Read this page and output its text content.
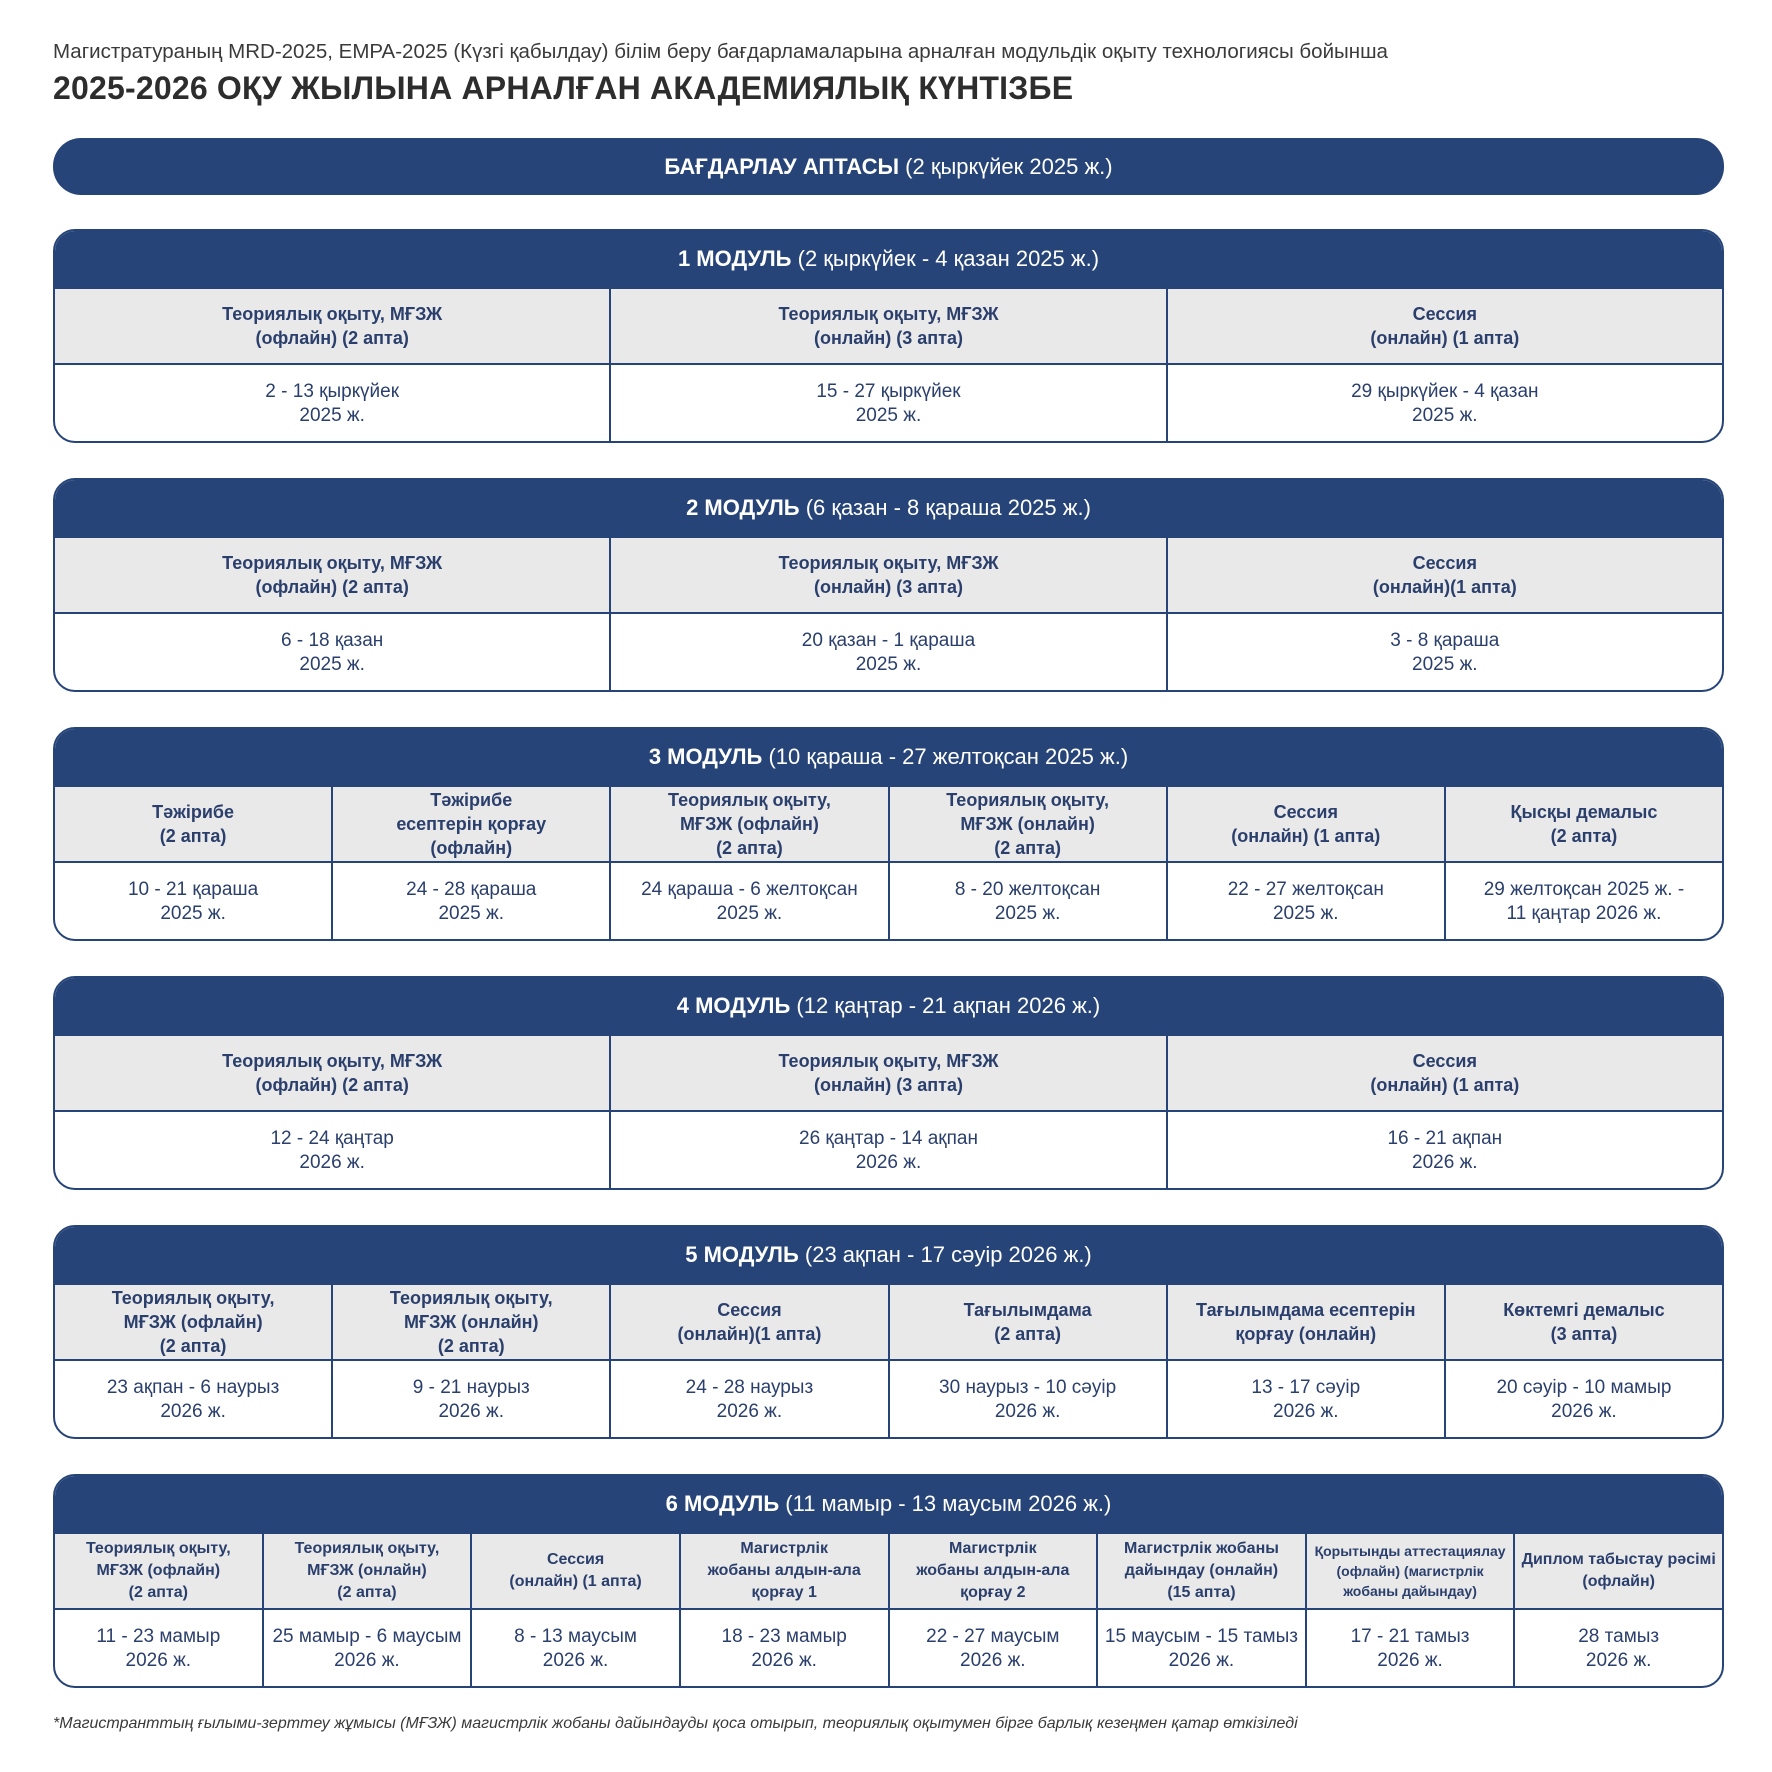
Магистратураның MRD-2025, EMPA-2025 (Күзгі қабылдау) білім беру бағдарламаларына арналған модульдік оқыту технологиясы бойынша
2025-2026 ОҚУ ЖЫЛЫНА АРНАЛҒАН АКАДЕМИЯЛЫҚ КҮНТІЗБЕ
БАҒДАРЛАУ АПТАСЫ (2 қыркүйек 2025 ж.)
1 МОДУЛЬ (2 қыркүйек - 4 қазан 2025 ж.)
Теориялық оқыту, МҒЗЖ
(офлайн) (2 апта)
2 - 13 қыркүйек
2025 ж.
Теориялық оқыту, МҒЗЖ
(онлайн) (3 апта)
15 - 27 қыркүйек
2025 ж.
Сессия
(онлайн) (1 апта)
29 қыркүйек - 4 қазан
2025 ж.
2 МОДУЛЬ (6 қазан - 8 қараша 2025 ж.)
Теориялық оқыту, МҒЗЖ
(офлайн) (2 апта)
6 - 18 қазан
2025 ж.
Теориялық оқыту, МҒЗЖ
(онлайн) (3 апта)
20 қазан - 1 қараша
2025 ж.
Сессия
(онлайн)(1 апта)
3 - 8 қараша
2025 ж.
3 МОДУЛЬ (10 қараша - 27 желтоқсан 2025 ж.)
Тәжірибе
(2 апта)
10 - 21 қараша
2025 ж.
Тәжірибе
есептерін қорғау
(офлайн)
24 - 28 қараша
2025 ж.
Теориялық оқыту,
МҒЗЖ (офлайн)
(2 апта)
24 қараша - 6 желтоқсан
2025 ж.
Теориялық оқыту,
МҒЗЖ (онлайн)
(2 апта)
8 - 20 желтоқсан
2025 ж.
Сессия
(онлайн) (1 апта)
22 - 27 желтоқсан
2025 ж.
Қысқы демалыс
(2 апта)
29 желтоқсан 2025 ж. -
11 қаңтар 2026 ж.
4 МОДУЛЬ (12 қаңтар - 21 ақпан 2026 ж.)
Теориялық оқыту, МҒЗЖ
(офлайн) (2 апта)
12 - 24 қаңтар
2026 ж.
Теориялық оқыту, МҒЗЖ
(онлайн) (3 апта)
26 қаңтар - 14 ақпан
2026 ж.
Сессия
(онлайн) (1 апта)
16 - 21 ақпан
2026 ж.
5 МОДУЛЬ (23 ақпан - 17 сәуір 2026 ж.)
Теориялық оқыту,
МҒЗЖ (офлайн)
(2 апта)
23 ақпан - 6 наурыз
2026 ж.
Теориялық оқыту,
МҒЗЖ (онлайн)
(2 апта)
9 - 21 наурыз
2026 ж.
Сессия
(онлайн)(1 апта)
24 - 28 наурыз
2026 ж.
Тағылымдама
(2 апта)
30 наурыз - 10 сәуір
2026 ж.
Тағылымдама есептерін
қорғау (онлайн)
13 - 17 сәуір
2026 ж.
Көктемгі демалыс
(3 апта)
20 сәуір - 10 мамыр
2026 ж.
6 МОДУЛЬ (11 мамыр - 13 маусым 2026 ж.)
Теориялық оқыту,
МҒЗЖ (офлайн)
(2 апта)
11 - 23 мамыр
2026 ж.
Теориялық оқыту,
МҒЗЖ (онлайн)
(2 апта)
25 мамыр - 6 маусым
2026 ж.
Сессия
(онлайн) (1 апта)
8 - 13 маусым
2026 ж.
Магистрлік
жобаны алдын-ала
қорғау 1
18 - 23 мамыр
2026 ж.
Магистрлік
жобаны алдын-ала
қорғау 2
22 - 27 маусым
2026 ж.
Магистрлік жобаны
дайындау (онлайн)
(15 апта)
15 маусым - 15 тамыз
2026 ж.
Қорытынды аттестациялау
(офлайн) (магистрлік
жобаны дайындау)
17 - 21 тамыз
2026 ж.
Диплом табыстау рәсімі
(офлайн)
28 тамыз
2026 ж.
*Магистранттың ғылыми-зерттеу жұмысы (МҒЗЖ) магистрлік жобаны дайындауды қоса отырып, теориялық оқытумен бірге барлық кезеңмен қатар өткізіледі
